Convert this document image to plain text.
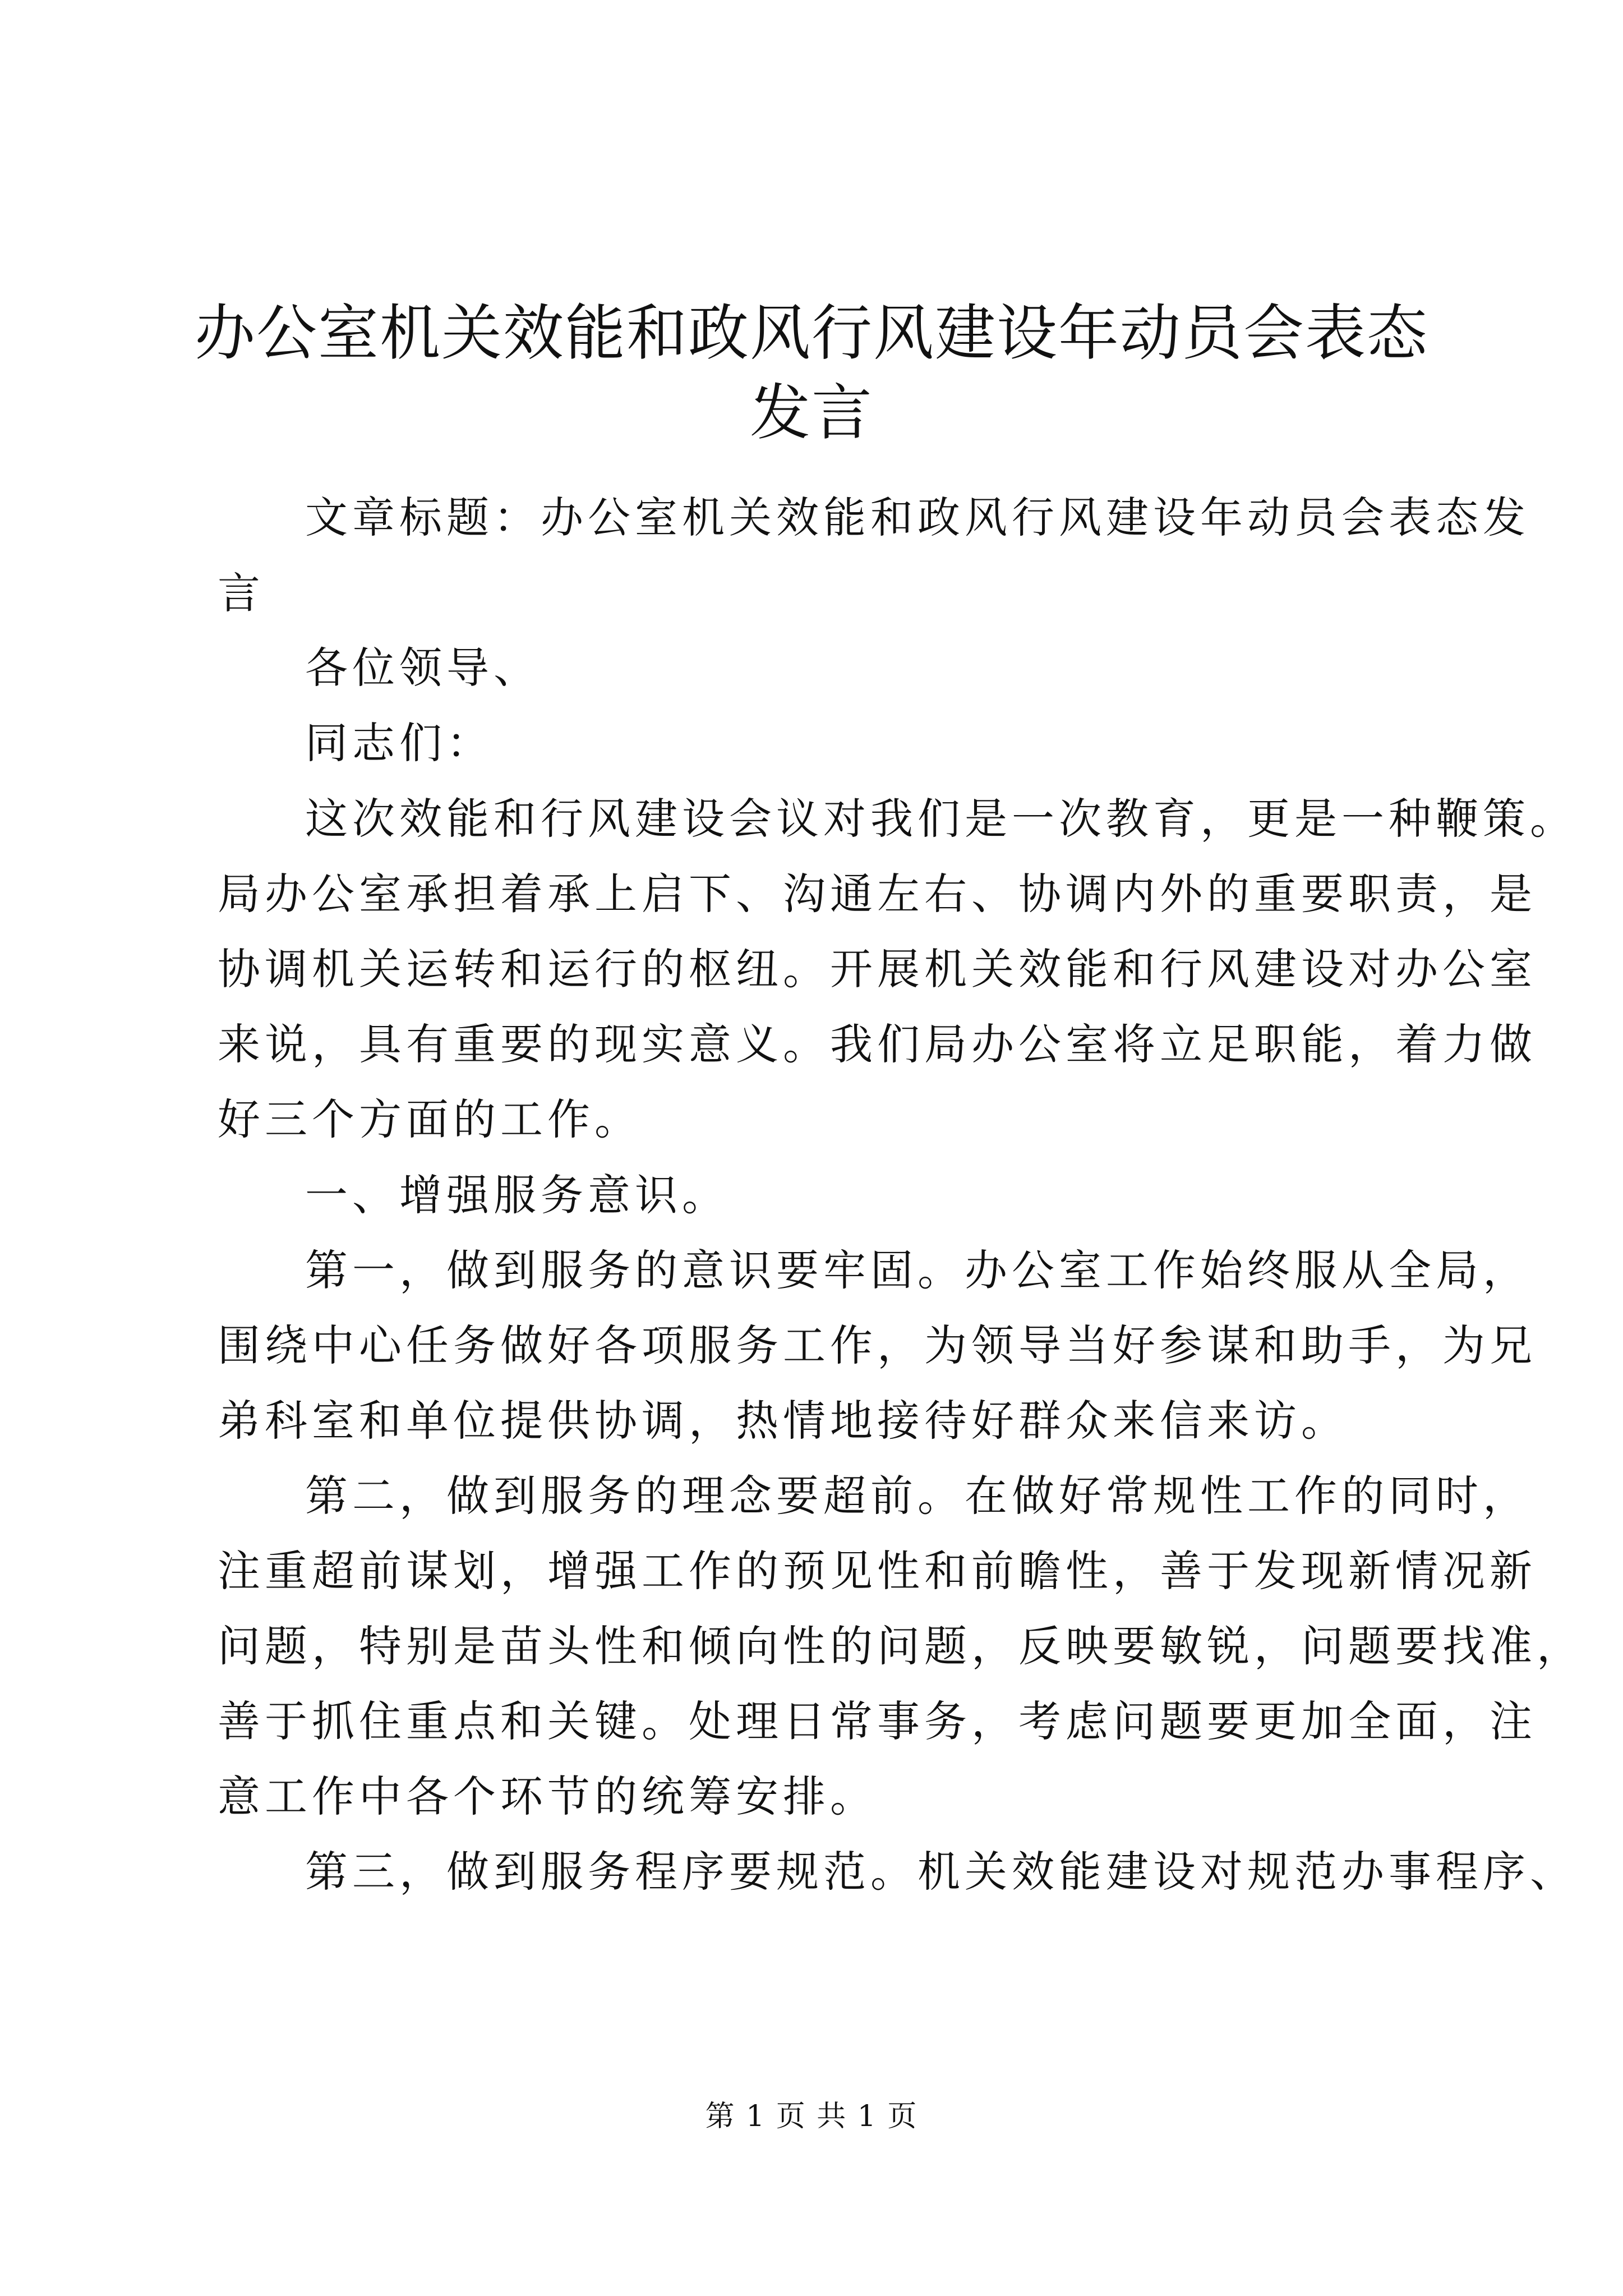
办公室机关效能和政风行风建设年动员会表态
发言

文章标题：办公室机关效能和政风行风建设年动员会表态发

言

各位领导、

同志们：

这次效能和行风建设会议对我们是一次教育，更是一种鞭策。

局办公室承担着承上启下、沟通左右、协调内外的重要职责，是

协调机关运转和运行的枢纽。开展机关效能和行风建设对办公室

来说，具有重要的现实意义。我们局办公室将立足职能，着力做

好三个方面的工作。

一、增强服务意识。

第一，做到服务的意识要牢固。办公室工作始终服从全局，

围绕中心任务做好各项服务工作，为领导当好参谋和助手，为兄

弟科室和单位提供协调，热情地接待好群众来信来访。

第二，做到服务的理念要超前。在做好常规性工作的同时，

注重超前谋划，增强工作的预见性和前瞻性，善于发现新情况新

问题，特别是苗头性和倾向性的问题，反映要敏锐，问题要找准，

善于抓住重点和关键。处理日常事务，考虑问题要更加全面，注

意工作中各个环节的统筹安排。

第三，做到服务程序要规范。机关效能建设对规范办事程序、

第 1 页 共 1 页
